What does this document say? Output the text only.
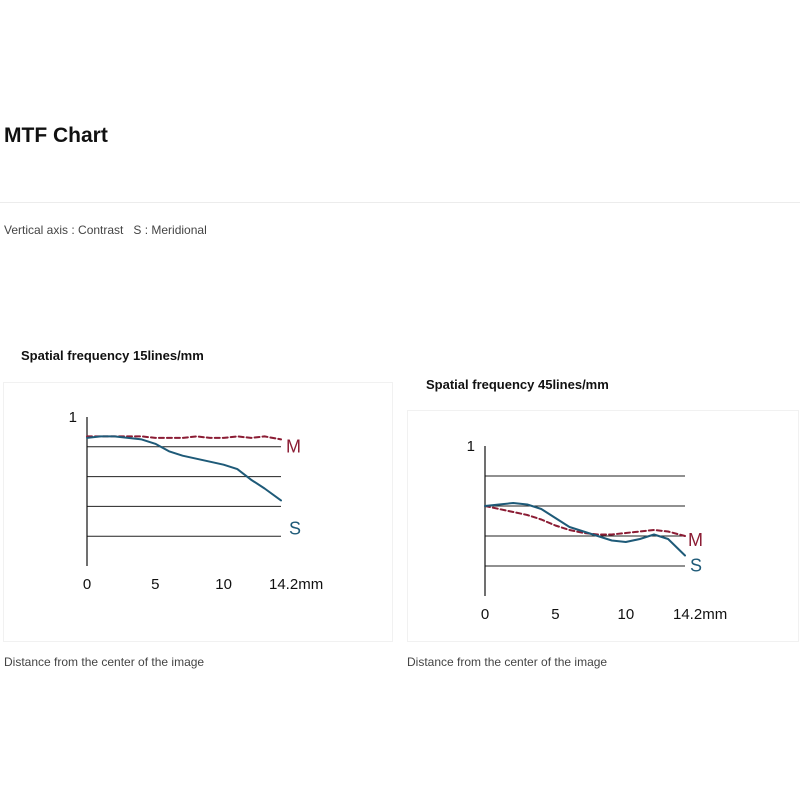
MTF Chart
Vertical axis : Contrast   S : Meridional
Spatial frequency 15lines/mm
1
0	5	10 14.2mm
M
S
Distance from the center of the image
Spatial frequency 45lines/mm
1
0	5	10	14.2mm
M
S
Distance from the center of the image
